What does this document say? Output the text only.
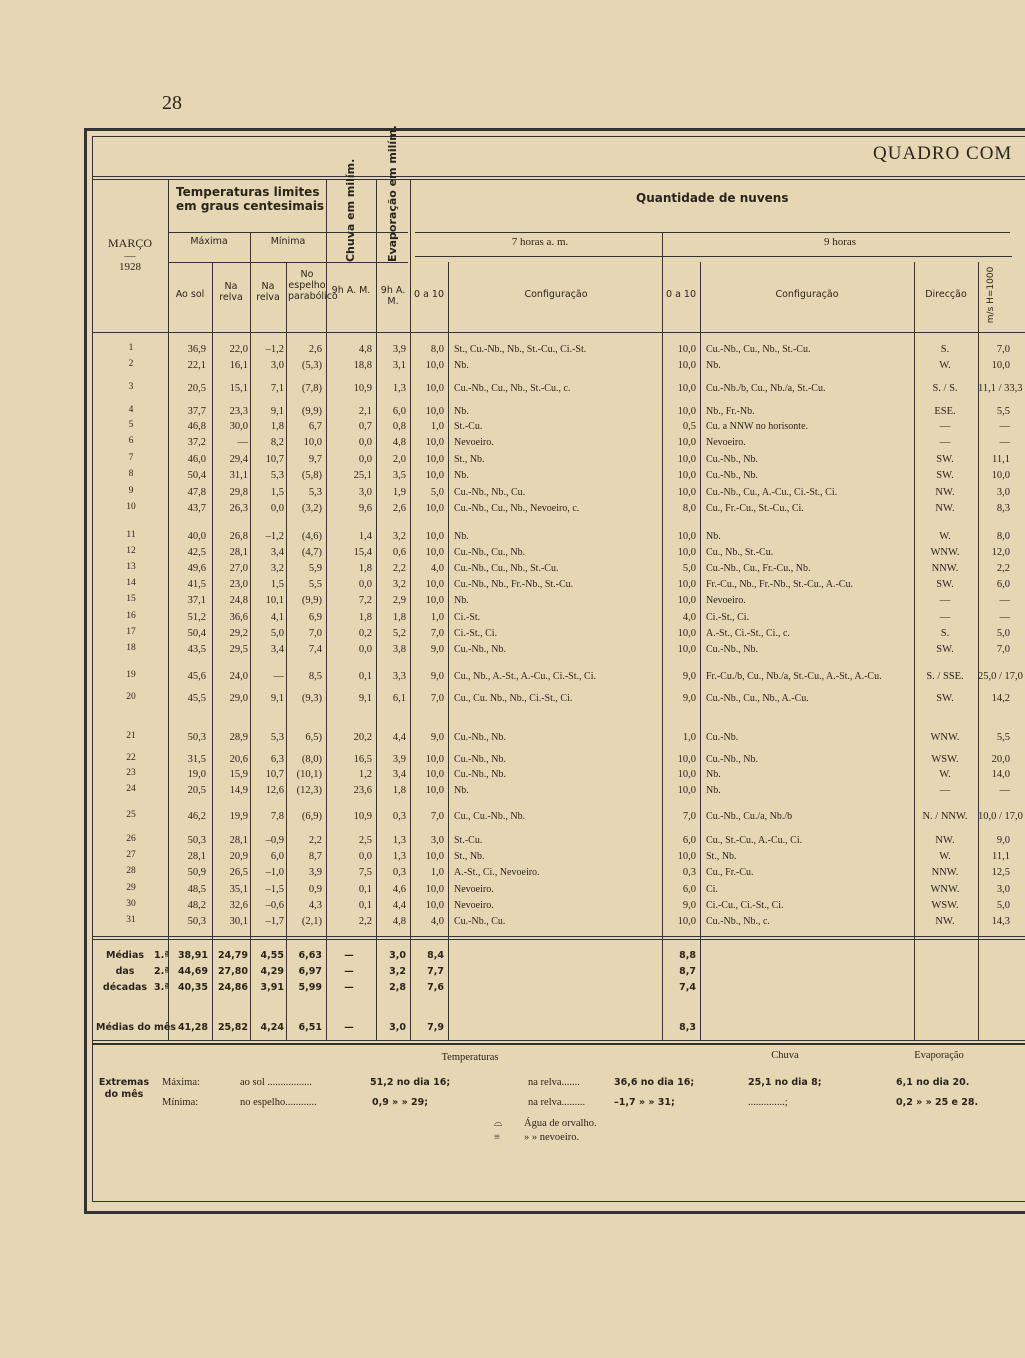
28
QUADRO COM
MARÇO
—
1928
Temperaturas limites em graus centesimais
Máxima	Mínima
Ao sol
Na relva
Na relva
No espelho parabólico
Chuva em milím.	Evaporação em milím.
9h A. M.	9h A. M.
Quantidade de nuvens
7 horas a. m.	9 horas
0 a 10	Configuração	0 a 10	Configuração	Direcção	m/s H=1000
1	36,9	22,0	–1,2	2,6	4,8	3,9	8,0 St., Cu.-Nb., Nb., St.-Cu., Ci.-St.	10,0 Cu.-Nb., Cu., Nb., St.-Cu.	S.	7,0
2	22,1	16,1	3,0	(5,3)	18,8	3,1	10,0 Nb.	10,0 Nb.	W.	10,0
3	20,5	15,1	7,1	(7,8)	10,9	1,3	10,0 Cu.-Nb., Cu., Nb., St.-Cu., c.	10,0 Cu.-Nb./b, Cu., Nb./a, St.-Cu.	S. / S.	11,1 / 33,3
4	37,7	23,3	9,1	(9,9)	2,1	6,0	10,0 Nb.	10,0 Nb., Fr.-Nb.	ESE.	5,5
5	46,8	30,0	1,8	6,7	0,7	0,8	1,0 St.-Cu.	0,5 Cu. a NNW no horisonte.	—	—
6	37,2	—	8,2	10,0	0,0	4,8	10,0 Nevoeiro.	10,0 Nevoeiro.	—	—
7	46,0	29,4	10,7	9,7	0,0	2,0	10,0 St., Nb.	10,0 Cu.-Nb., Nb.	SW.	11,1
8	50,4	31,1	5,3	(5,8)	25,1	3,5	10,0 Nb.	10,0 Cu.-Nb., Nb.	SW.	10,0
9	47,8	29,8	1,5	5,3	3,0	1,9	5,0 Cu.-Nb., Nb., Cu.	10,0 Cu.-Nb., Cu., A.-Cu., Ci.-St., Ci.	NW.	3,0
10	43,7	26,3	0,0	(3,2)	9,6	2,6	10,0 Cu.-Nb., Cu., Nb., Nevoeiro, c.	8,0 Cu., Fr.-Cu., St.-Cu., Ci.	NW.	8,3
11	40,0	26,8	–1,2	(4,6)	1,4	3,2	10,0 Nb.	10,0 Nb.	W.	8,0
12	42,5	28,1	3,4	(4,7)	15,4	0,6	10,0 Cu.-Nb., Cu., Nb.	10,0 Cu., Nb., St.-Cu.	WNW.	12,0
13	49,6	27,0	3,2	5,9	1,8	2,2	4,0 Cu.-Nb., Cu., Nb., St.-Cu.	5,0 Cu.-Nb., Cu., Fr.-Cu., Nb.	NNW.	2,2
14	41,5	23,0	1,5	5,5	0,0	3,2	10,0 Cu.-Nb., Nb., Fr.-Nb., St.-Cu.	10,0 Fr.-Cu., Nb., Fr.-Nb., St.-Cu., A.-Cu.	SW.	6,0
15	37,1	24,8	10,1	(9,9)	7,2	2,9	10,0 Nb.	10,0 Nevoeiro.	—	—
16	51,2	36,6	4,1	6,9	1,8	1,8	1,0 Ci.-St.	4,0 Ci.-St., Ci.	—	—
17	50,4	29,2	5,0	7,0	0,2	5,2	7,0 Ci.-St., Ci.	10,0 A.-St., Ci.-St., Ci., c.	S.	5,0
18	43,5	29,5	3,4	7,4	0,0	3,8	9,0 Cu.-Nb., Nb.	10,0 Cu.-Nb., Nb.	SW.	7,0
19	45,6	24,0	—	8,5	0,1	3,3	9,0 Cu., Nb., A.-St., A.-Cu., Ci.-St., Ci.	9,0 Fr.-Cu./b, Cu., Nb./a, St.-Cu., A.-St., A.-Cu.	S. / SSE.	25,0 / 17,0
20	45,5	29,0	9,1	(9,3)	9,1	6,1	7,0 Cu., Cu. Nb., Nb., Ci.-St., Ci.	9,0 Cu.-Nb., Cu., Nb., A.-Cu.	SW.	14,2
21	50,3	28,9	5,3	6,5)	20,2	4,4	9,0 Cu.-Nb., Nb.	1,0 Cu.-Nb.	WNW.	5,5
22	31,5	20,6	6,3	(8,0)	16,5	3,9	10,0 Cu.-Nb., Nb.	10,0 Cu.-Nb., Nb.	WSW.	20,0
23	19,0	15,9	10,7	(10,1)	1,2	3,4	10,0 Cu.-Nb., Nb.	10,0 Nb.	W.	14,0
24	20,5	14,9	12,6	(12,3)	23,6	1,8	10,0 Nb.	10,0 Nb.	—	—
25	46,2	19,9	7,8	(6,9)	10,9	0,3	7,0 Cu., Cu.-Nb., Nb.	7,0 Cu.-Nb., Cu./a, Nb./b	N. / NNW. 10,0 / 17,0
26	50,3	28,1	–0,9	2,2	2,5	1,3	3,0 St.-Cu.	6,0 Cu., St.-Cu., A.-Cu., Ci.	NW.	9,0
27	28,1	20,9	6,0	8,7	0,0	1,3	10,0 St., Nb.	10,0 St., Nb.	W.	11,1
28	50,9	26,5	–1,0	3,9	7,5	0,3	1,0 A.-St., Ci., Nevoeiro.	0,3 Cu., Fr.-Cu.	NNW.	12,5
29	48,5	35,1	–1,5	0,9	0,1	4,6	10,0 Nevoeiro.	6,0 Ci.	WNW.	3,0
30	48,2	32,6	–0,6	4,3	0,1	4,4	10,0 Nevoeiro.	9,0 Ci.-Cu., Ci.-St., Ci.	WSW.	5,0
31	50,3	30,1	–1,7	(2,1)	2,2	4,8	4,0 Cu.-Nb., Cu.	10,0 Cu.-Nb., Nb., c.	NW.	14,3
Médias
das
décadas
1.ª 38,91	24,79	4,55	6,63	—	3,0	8,4	8,8
2.ª 44,69	27,80	4,29	6,97	—	3,2	7,7	8,7
3.ª 40,35	24,86	3,91	5,99	—	2,8	7,6	7,4
Médias do mês 41,28	25,82	4,24	6,51	—	3,0	7,9	8,3
Extremas do mês
Temperaturas	Chuva	Evaporação
Máxima:
Mínima:
ao sol .................	51,2 no dia 16;
no espelho............	0,9 » » 29;
na relva.......	36,6 no dia 16;
na relva.........	–1,7 » » 31;
25,1 no dia 8;
..............;
6,1 no dia 20.
0,2 » » 25 e 28.
⌓ Água de orvalho.
≡ » » nevoeiro.
